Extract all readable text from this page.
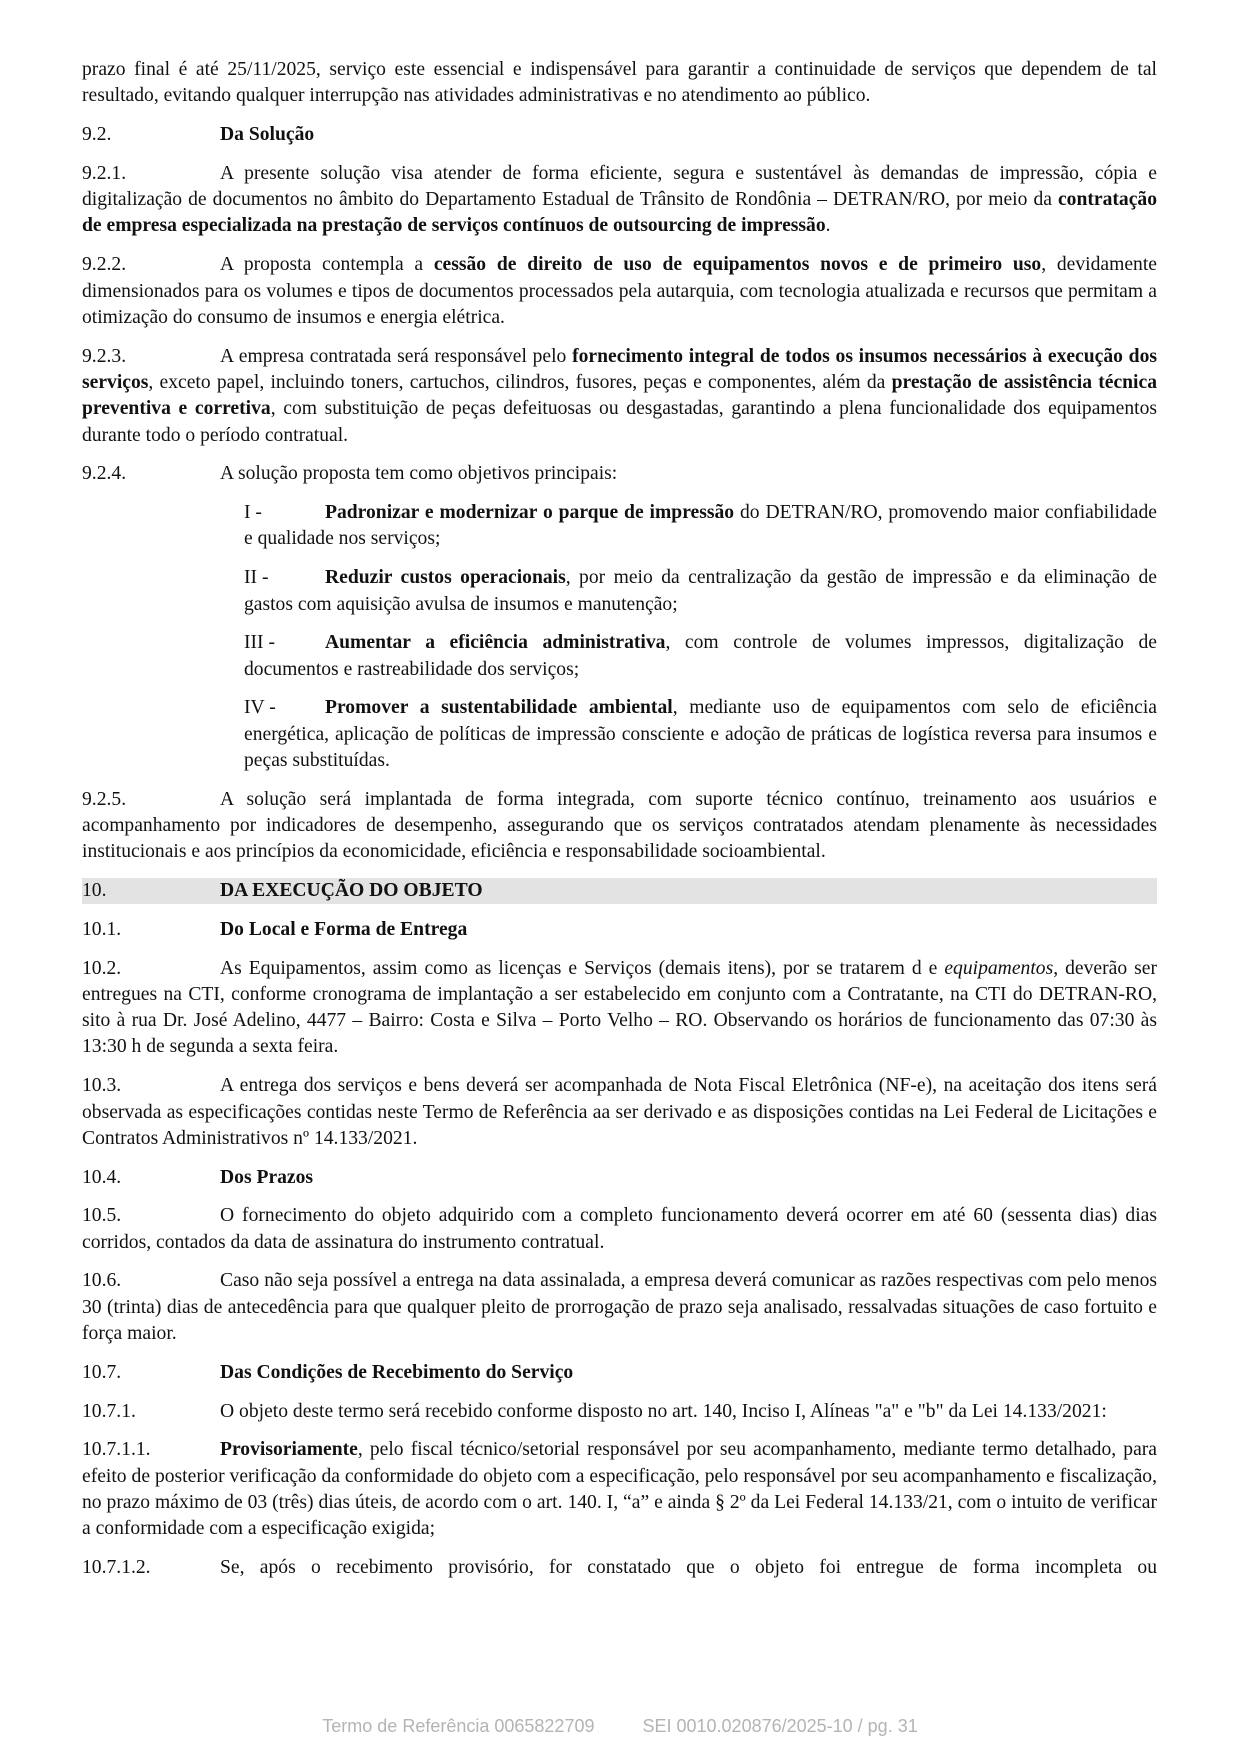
prazo final é até 25/11/2025, serviço este essencial e indispensável para garantir a continuidade de serviços que dependem de tal resultado, evitando qualquer interrupção nas atividades administrativas e no atendimento ao público.

9.2.	Da Solução

9.2.1.	A presente solução visa atender de forma eficiente, segura e sustentável às demandas de impressão, cópia e digitalização de documentos no âmbito do Departamento Estadual de Trânsito de Rondônia – DETRAN/RO, por meio da contratação de empresa especializada na prestação de serviços contínuos de outsourcing de impressão.

9.2.2.	A proposta contempla a cessão de direito de uso de equipamentos novos e de primeiro uso, devidamente dimensionados para os volumes e tipos de documentos processados pela autarquia, com tecnologia atualizada e recursos que permitam a otimização do consumo de insumos e energia elétrica.

9.2.3.	A empresa contratada será responsável pelo fornecimento integral de todos os insumos necessários à execução dos serviços, exceto papel, incluindo toners, cartuchos, cilindros, fusores, peças e componentes, além da prestação de assistência técnica preventiva e corretiva, com substituição de peças defeituosas ou desgastadas, garantindo a plena funcionalidade dos equipamentos durante todo o período contratual.

9.2.4.	A solução proposta tem como objetivos principais:

I -	Padronizar e modernizar o parque de impressão do DETRAN/RO, promovendo maior confiabilidade e qualidade nos serviços;

II -	Reduzir custos operacionais, por meio da centralização da gestão de impressão e da eliminação de gastos com aquisição avulsa de insumos e manutenção;

III -	Aumentar a eficiência administrativa, com controle de volumes impressos, digitalização de documentos e rastreabilidade dos serviços;

IV -	Promover a sustentabilidade ambiental, mediante uso de equipamentos com selo de eficiência energética, aplicação de políticas de impressão consciente e adoção de práticas de logística reversa para insumos e peças substituídas.

9.2.5.	A solução será implantada de forma integrada, com suporte técnico contínuo, treinamento aos usuários e acompanhamento por indicadores de desempenho, assegurando que os serviços contratados atendam plenamente às necessidades institucionais e aos princípios da economicidade, eficiência e responsabilidade socioambiental.

10.	DA EXECUÇÃO DO OBJETO
10.1.	Do Local e Forma de Entrega

10.2.	As Equipamentos, assim como as licenças e Serviços (demais itens), por se tratarem d e equipamentos, deverão ser entregues na CTI, conforme cronograma de implantação a ser estabelecido em conjunto com a Contratante, na CTI do DETRAN-RO, sito à rua Dr. José Adelino, 4477 – Bairro: Costa e Silva – Porto Velho – RO. Observando os horários de funcionamento das 07:30 às 13:30 h de segunda a sexta feira.

10.3.	A entrega dos serviços e bens deverá ser acompanhada de Nota Fiscal Eletrônica (NF-e), na aceitação dos itens será observada as especificações contidas neste Termo de Referência aa ser derivado e as disposições contidas na Lei Federal de Licitações e Contratos Administrativos nº 14.133/2021.

10.4.	Dos Prazos

10.5.	O fornecimento do objeto adquirido com a completo funcionamento deverá ocorrer em até 60 (sessenta dias) dias corridos, contados da data de assinatura do instrumento contratual.

10.6.	Caso não seja possível a entrega na data assinalada, a empresa deverá comunicar as razões respectivas com pelo menos 30 (trinta) dias de antecedência para que qualquer pleito de prorrogação de prazo seja analisado, ressalvadas situações de caso fortuito e força maior.

10.7.	Das Condições de Recebimento do Serviço

10.7.1.	O objeto deste termo será recebido conforme disposto no art. 140, Inciso I, Alíneas "a" e "b" da Lei 14.133/2021:

10.7.1.1.	Provisoriamente, pelo fiscal técnico/setorial responsável por seu acompanhamento, mediante termo detalhado, para efeito de posterior verificação da conformidade do objeto com a especificação, pelo responsável por seu acompanhamento e fiscalização, no prazo máximo de 03 (três) dias úteis, de acordo com o art. 140. I, “a” e ainda § 2º da Lei Federal 14.133/21, com o intuito de verificar a conformidade com a especificação exigida;

10.7.1.2.	Se, após o recebimento provisório, for constatado que o objeto foi entregue de forma incompleta ou

Termo de Referência 0065822709	SEI 0010.020876/2025-10 / pg. 31
